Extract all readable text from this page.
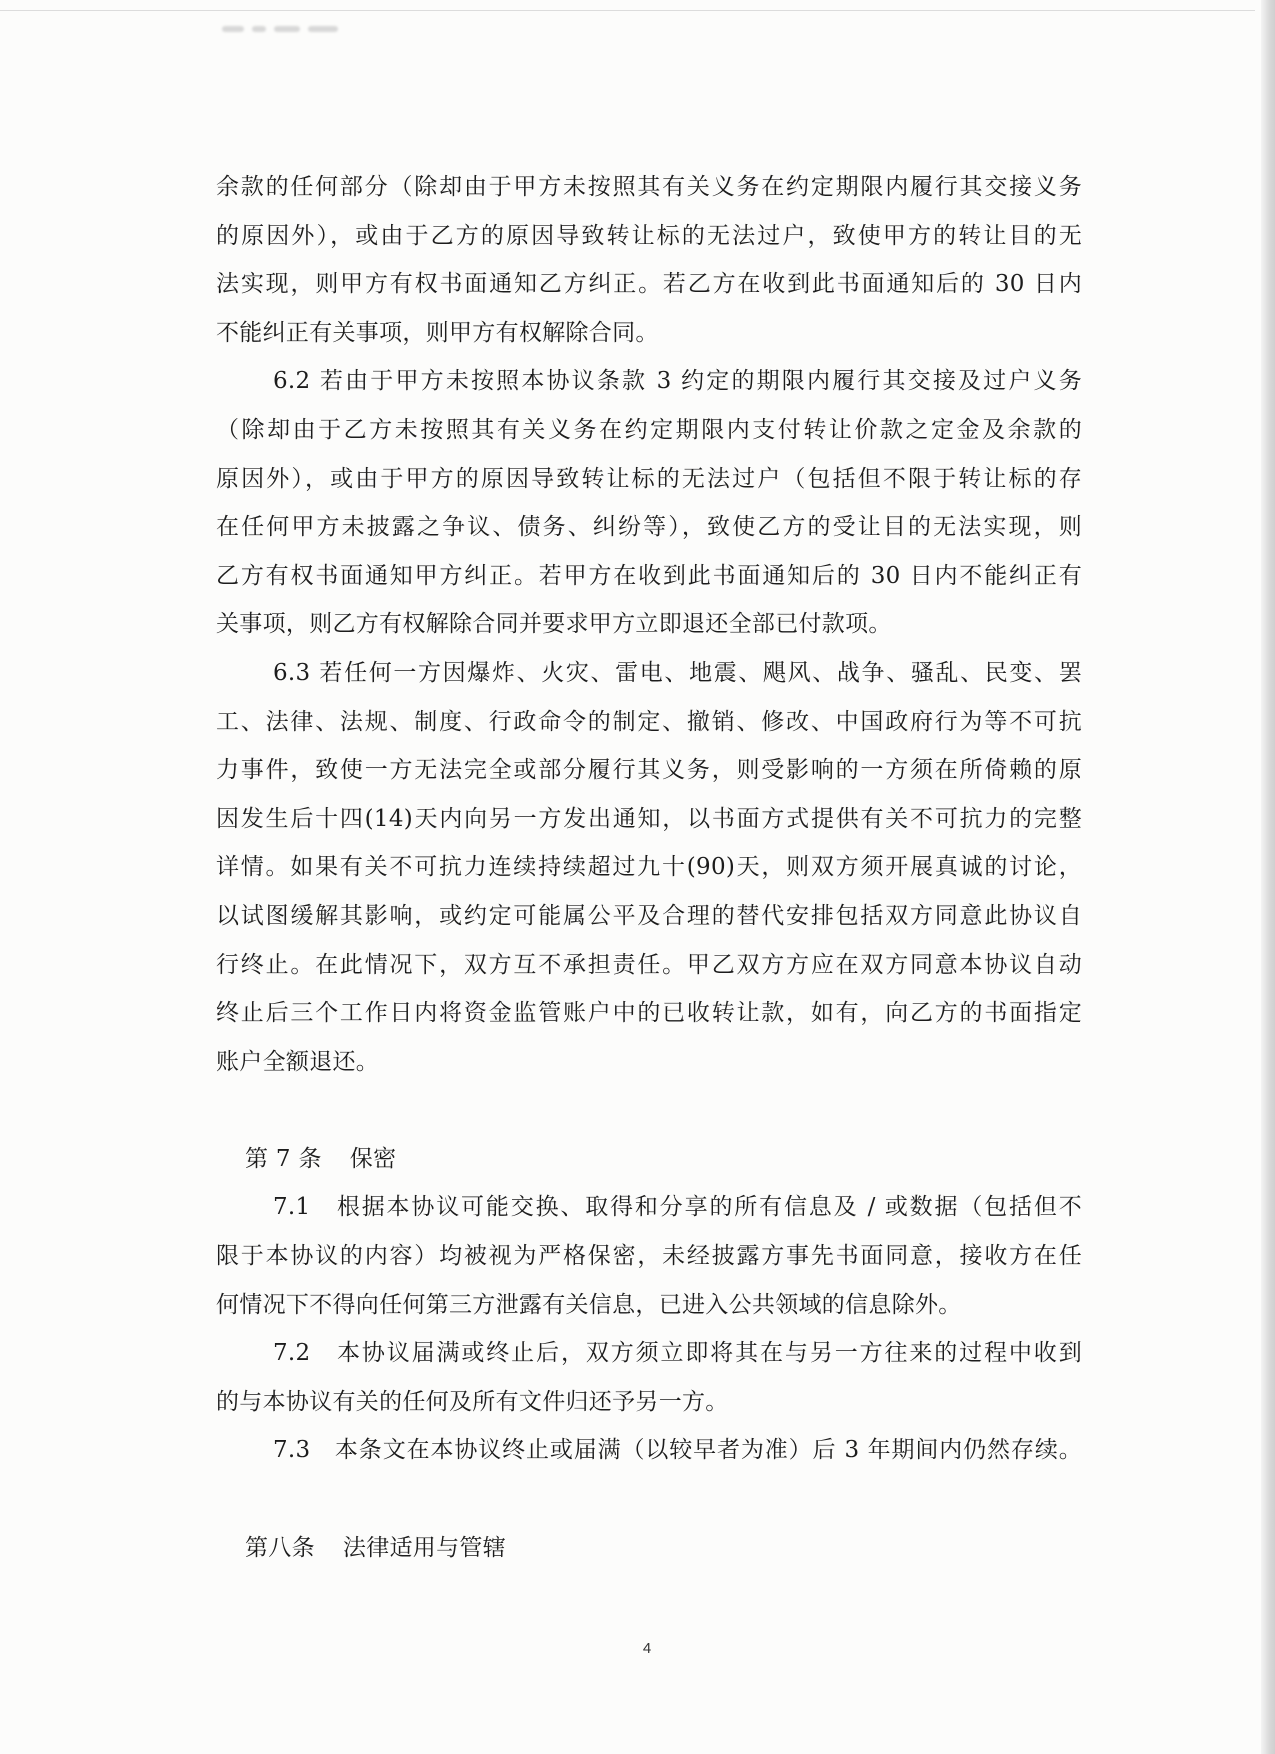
余款的任何部分（除却由于甲方未按照其有关义务在约定期限内履行其交接义务
的原因外），或由于乙方的原因导致转让标的无法过户，致使甲方的转让目的无
法实现，则甲方有权书面通知乙方纠正。若乙方在收到此书面通知后的 30 日内
不能纠正有关事项，则甲方有权解除合同。
6.2 若由于甲方未按照本协议条款 3 约定的期限内履行其交接及过户义务
（除却由于乙方未按照其有关义务在约定期限内支付转让价款之定金及余款的
原因外），或由于甲方的原因导致转让标的无法过户（包括但不限于转让标的存
在任何甲方未披露之争议、债务、纠纷等），致使乙方的受让目的无法实现，则
乙方有权书面通知甲方纠正。若甲方在收到此书面通知后的 30 日内不能纠正有
关事项，则乙方有权解除合同并要求甲方立即退还全部已付款项。
6.3 若任何一方因爆炸、火灾、雷电、地震、飓风、战争、骚乱、民变、罢
工、法律、法规、制度、行政命令的制定、撤销、修改、中国政府行为等不可抗
力事件，致使一方无法完全或部分履行其义务，则受影响的一方须在所倚赖的原
因发生后十四(14)天内向另一方发出通知，以书面方式提供有关不可抗力的完整
详情。如果有关不可抗力连续持续超过九十(90)天，则双方须开展真诚的讨论，
以试图缓解其影响，或约定可能属公平及合理的替代安排包括双方同意此协议自
行终止。在此情况下，双方互不承担责任。甲乙双方方应在双方同意本协议自动
终止后三个工作日内将资金监管账户中的已收转让款，如有，向乙方的书面指定
账户全额退还。
第 7 条 保密
7.1　根据本协议可能交换、取得和分享的所有信息及 / 或数据（包括但不
限于本协议的内容）均被视为严格保密，未经披露方事先书面同意，接收方在任
何情况下不得向任何第三方泄露有关信息，已进入公共领域的信息除外。
7.2　本协议届满或终止后，双方须立即将其在与另一方往来的过程中收到
的与本协议有关的任何及所有文件归还予另一方。
7.3　本条文在本协议终止或届满（以较早者为准）后 3 年期间内仍然存续。
第八条 法律适用与管辖
4
